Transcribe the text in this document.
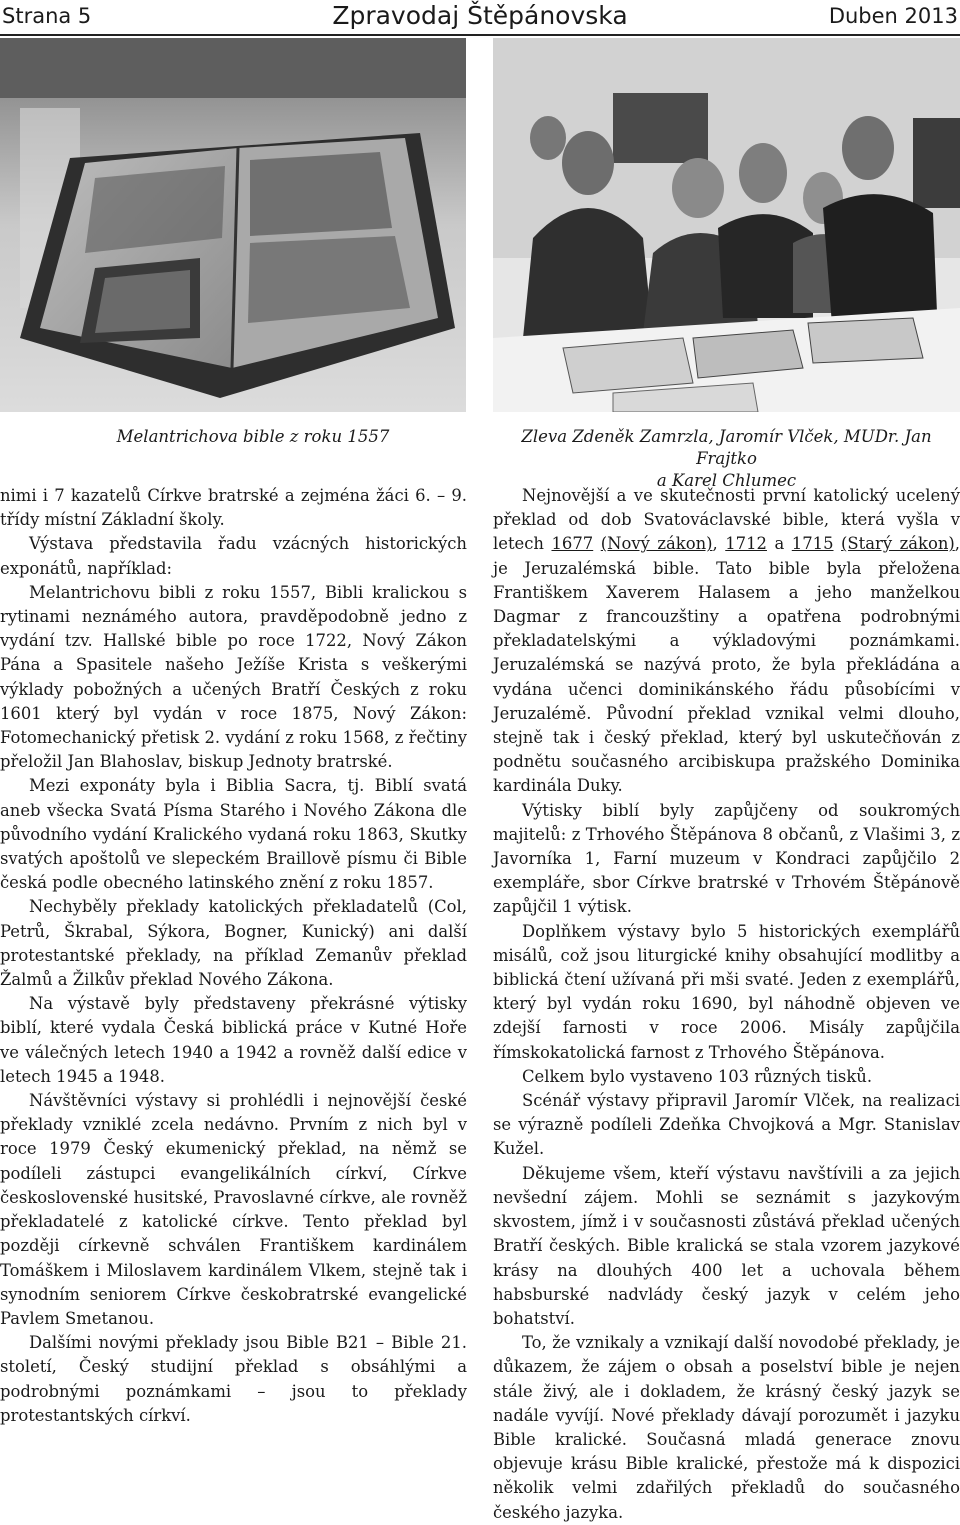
Strana 5	Zpravodaj Štěpánovska	Duben 2013
Melantrichova bible z roku 1557	Zleva Zdeněk Zamrzla, Jaromír Vlček, MUDr. Jan Frajtko
a Karel Chlumec

nimi i 7 kazatelů Církve bratrské a zejména žáci 6. – 9. třídy místní Základní školy.

Výstava představila řadu vzácných historických exponátů, například:

Melantrichovu bibli z roku 1557, Bibli kralickou s rytinami neznámého autora, pravděpodobně jedno z vydání tzv. Hallské bible po roce 1722, Nový Zákon Pána a Spasitele našeho Ježíše Krista s veškerými výklady pobožných a učených Bratří Českých z roku 1601 který byl vydán v roce 1875, Nový Zákon: Fotomechanický přetisk 2. vydání z roku 1568, z řečtiny přeložil Jan Blahoslav, biskup Jednoty bratrské.

Mezi exponáty byla i Biblia Sacra, tj. Biblí svatá aneb všecka Svatá Písma Starého i Nového Zákona dle původního vydání Kralického vydaná roku 1863, Skutky svatých apoštolů ve slepeckém Braillově písmu či Bible česká podle obecného latinského znění z roku 1857.

Nechyběly překlady katolických překladatelů (Col, Petrů, Škrabal, Sýkora, Bogner, Kunický) ani další protestantské překlady, na příklad Zemanův překlad Žalmů a Žilkův překlad Nového Zákona.

Na výstavě byly představeny překrásné výtisky biblí, které vydala Česká biblická práce v Kutné Hoře ve válečných letech 1940 a 1942 a rovněž další edice v letech 1945 a 1948.

Návštěvníci výstavy si prohlédli i nejnovější české překlady vzniklé zcela nedávno. Prvním z nich byl v roce 1979 Český ekumenický překlad, na němž se podíleli zástupci evangelikálních církví, Církve československé husitské, Pravoslavné církve, ale rovněž překladatelé z katolické církve. Tento překlad byl později církevně schválen Františkem kardinálem Tomáškem i Miloslavem kardinálem Vlkem, stejně tak i synodním seniorem Církve českobratrské evangelické Pavlem Smetanou.

Dalšími novými překlady jsou Bible B21 – Bible 21. století, Český studijní překlad s obsáhlými a podrobnými poznámkami – jsou to překlady protestantských církví.

Nejnovější a ve skutečnosti první katolický ucelený překlad od dob Svatováclavské bible, která vyšla v letech 1677 (Nový zákon), 1712 a 1715 (Starý zákon), je Jeruzalémská bible. Tato bible byla přeložena Františkem Xaverem Halasem a jeho manželkou Dagmar z francouzštiny a opatřena podrobnými překladatelskými a výkladovými poznámkami. Jeruzalémská se nazývá proto, že byla překládána a vydána učenci dominikánského řádu působícími v Jeruzalémě. Původní překlad vznikal velmi dlouho, stejně tak i český překlad, který byl uskutečňován z podnětu současného arcibiskupa pražského Dominika kardinála Duky.

Výtisky biblí byly zapůjčeny od soukromých majitelů: z Trhového Štěpánova 8 občanů, z Vlašimi 3, z Javorníka 1, Farní muzeum v Kondraci zapůjčilo 2 exempláře, sbor Církve bratrské v Trhovém Štěpánově zapůjčil 1 výtisk.

Doplňkem výstavy bylo 5 historických exemplářů misálů, což jsou liturgické knihy obsahující modlitby a biblická čtení užívaná při mši svaté. Jeden z exemplářů, který byl vydán roku 1690, byl náhodně objeven ve zdejší farnosti v roce 2006. Misály zapůjčila římskokatolická farnost z Trhového Štěpánova.

Celkem bylo vystaveno 103 různých tisků.

Scénář výstavy připravil Jaromír Vlček, na realizaci se výrazně podíleli Zdeňka Chvojková a Mgr. Stanislav Kužel.

Děkujeme všem, kteří výstavu navštívili a za jejich nevšední zájem. Mohli se seznámit s jazykovým skvostem, jímž i v současnosti zůstává překlad učených Bratří českých. Bible kralická se stala vzorem jazykové krásy na dlouhých 400 let a uchovala během habsburské nadvlády český jazyk v celém jeho bohatství.

To, že vznikaly a vznikají další novodobé překlady, je důkazem, že zájem o obsah a poselství bible je nejen stále živý, ale i dokladem, že krásný český jazyk se nadále vyvíjí. Nové překlady dávají porozumět i jazyku Bible kralické. Současná mladá generace znovu objevuje krásu Bible kralické, přestože má k dispozici několik velmi zdařilých překladů do současného českého jazyka.
